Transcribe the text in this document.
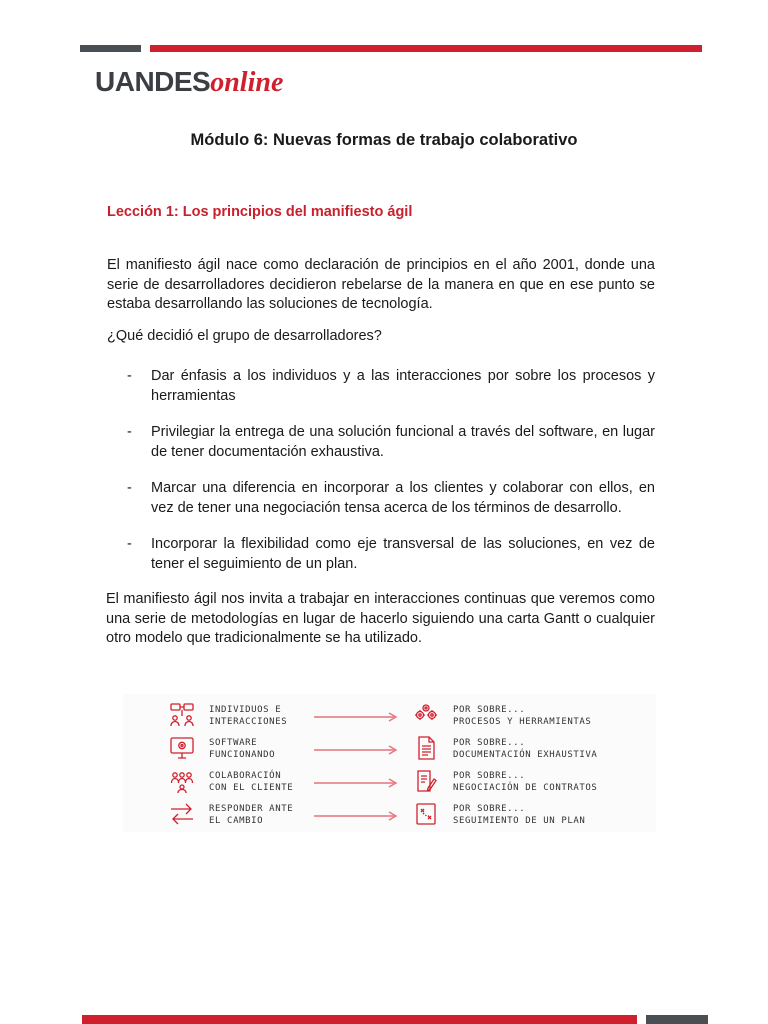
UANDESonline
Módulo 6: Nuevas formas de trabajo colaborativo
Lección 1: Los principios del manifiesto ágil

El manifiesto ágil nace como declaración de principios en el año 2001, donde una serie de desarrolladores decidieron rebelarse de la manera en que en ese punto se estaba desarrollando las soluciones de tecnología.

¿Qué decidió el grupo de desarrolladores?

- Dar énfasis a los individuos y a las interacciones por sobre los procesos y herramientas
- Privilegiar la entrega de una solución funcional a través del software, en lugar de tener documentación exhaustiva.
- Marcar una diferencia en incorporar a los clientes y colaborar con ellos, en vez de tener una negociación tensa acerca de los términos de desarrollo.
- Incorporar la flexibilidad como eje transversal de las soluciones, en vez de tener el seguimiento de un plan.

El manifiesto ágil nos invita a trabajar en interacciones continuas que veremos como una serie de metodologías en lugar de hacerlo siguiendo una carta Gantt o cualquier otro modelo que tradicionalmente se ha utilizado.

INDIVIDUOS E
INTERACCIONES

POR SOBRE...
PROCESOS Y HERRAMIENTAS

SOFTWARE
FUNCIONANDO

POR SOBRE...
DOCUMENTACIÓN EXHAUSTIVA

COLABORACIÓN
CON EL CLIENTE

POR SOBRE...
NEGOCIACIÓN DE CONTRATOS

RESPONDER ANTE
EL CAMBIO

POR SOBRE...
SEGUIMIENTO DE UN PLAN
